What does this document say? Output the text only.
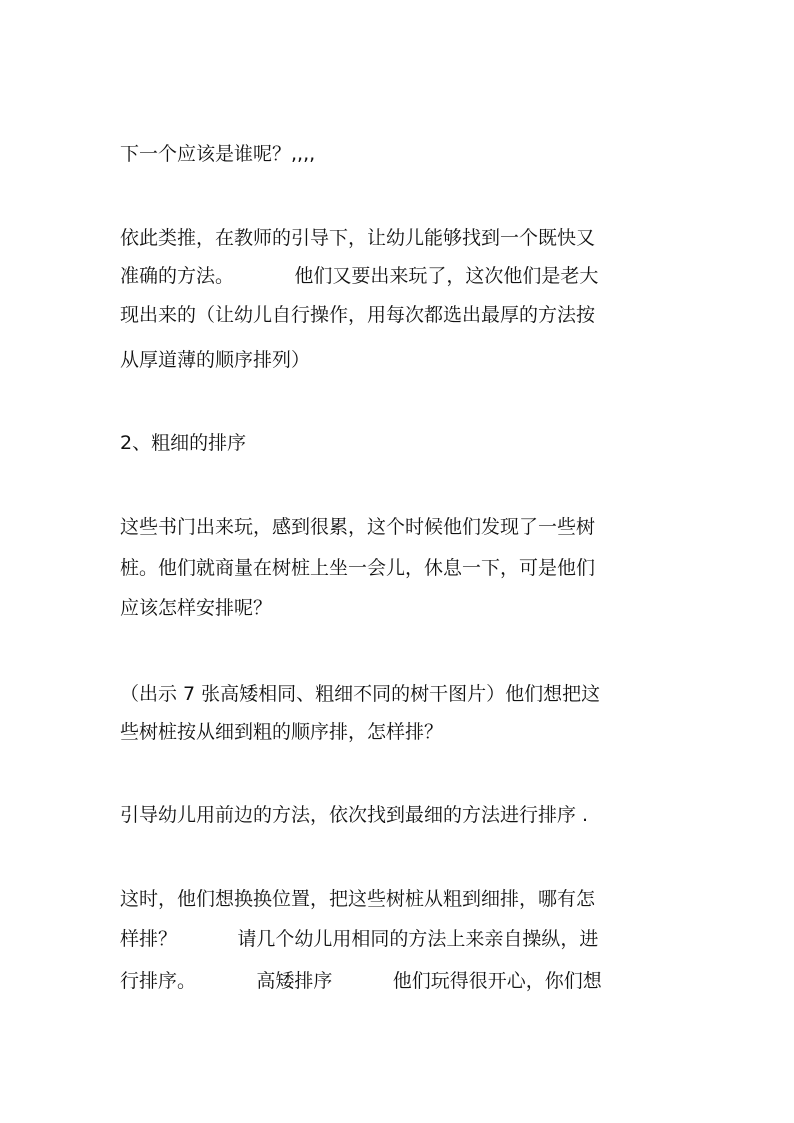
下一个应该是谁呢？,,,,
依此类推，在教师的引导下，让幼儿能够找到一个既快又
准确的方法。          他们又要出来玩了，这次他们是老大
现出来的（让幼儿自行操作，用每次都选出最厚的方法按
从厚道薄的顺序排列）
2、粗细的排序
这些书门出来玩，感到很累，这个时候他们发现了一些树
桩。他们就商量在树桩上坐一会儿，休息一下，可是他们
应该怎样安排呢？
（出示 7 张高矮相同、粗细不同的树干图片）他们想把这
些树桩按从细到粗的顺序排，怎样排？
引导幼儿用前边的方法，依次找到最细的方法进行排序 .
这时，他们想换换位置，把这些树桩从粗到细排，哪有怎
样排？          请几个幼儿用相同的方法上来亲自操纵，进
行排序。          高矮排序          他们玩得很开心，你们想
